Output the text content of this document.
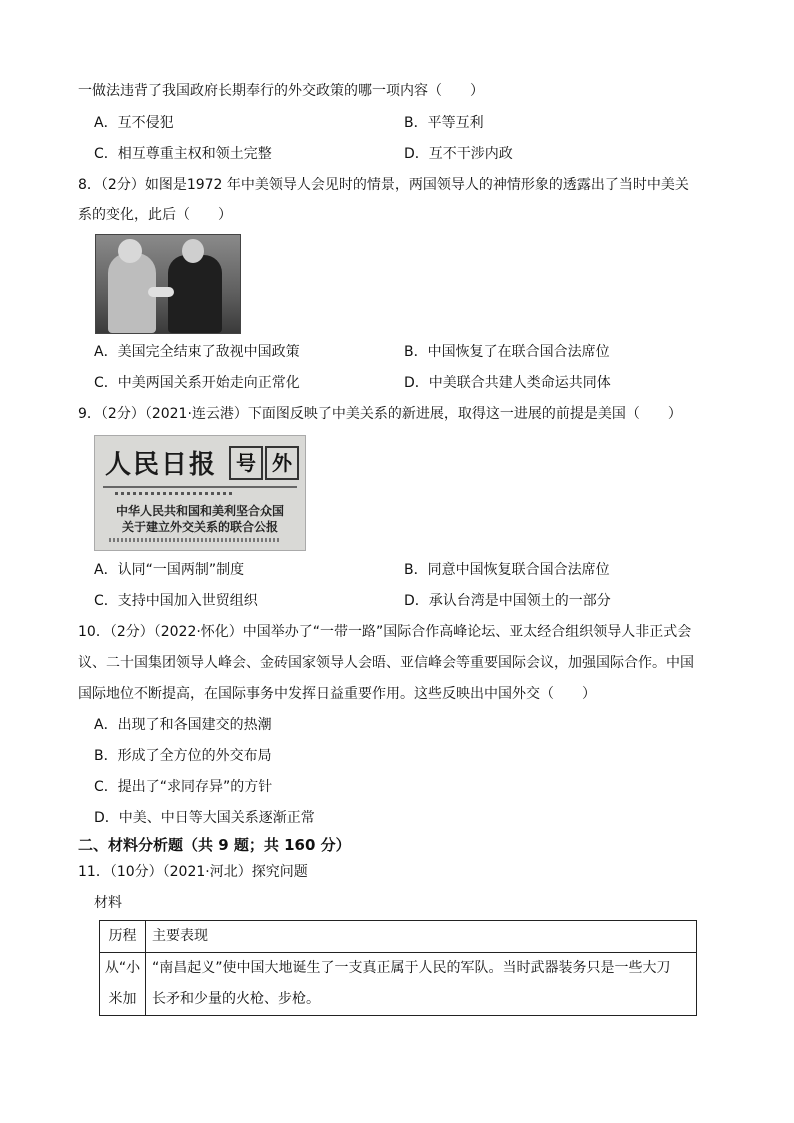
一做法违背了我国政府长期奉行的外交政策的哪一项内容（　　）
A．互不侵犯	B．平等互利
C．相互尊重主权和领土完整	D．互不干涉内政
8．（2分）如图是1972 年中美领导人会见时的情景，两国领导人的神情形象的透露出了当时中美关
系的变化，此后（　　）
A．美国完全结束了敌视中国政策	B．中国恢复了在联合国合法席位
C．中美两国关系开始走向正常化	D．中美联合共建人类命运共同体
9．（2分）（2021·连云港）下面图反映了中美关系的新进展，取得这一进展的前提是美国（　　）
人民日报 号 外
中华人民共和国和美利坚合众国
关于建立外交关系的联合公报
A．认同“一国两制”制度	B．同意中国恢复联合国合法席位
C．支持中国加入世贸组织	D．承认台湾是中国领土的一部分
10．（2分）（2022·怀化）中国举办了“一带一路”国际合作高峰论坛、亚太经合组织领导人非正式会
议、二十国集团领导人峰会、金砖国家领导人会晤、亚信峰会等重要国际会议，加强国际合作。中国
国际地位不断提高，在国际事务中发挥日益重要作用。这些反映出中国外交（　　）
A．出现了和各国建交的热潮
B．形成了全方位的外交布局
C．提出了“求同存异”的方针
D．中美、中日等大国关系逐渐正常
二、材料分析题（共 9 题；共 160 分）
11．（10分）（2021·河北）探究问题
材料
历程	主要表现
从“小米加	“南昌起义”使中国大地诞生了一支真正属于人民的军队。当时武器装务只是一些大刀
长矛和少量的火枪、步枪。
